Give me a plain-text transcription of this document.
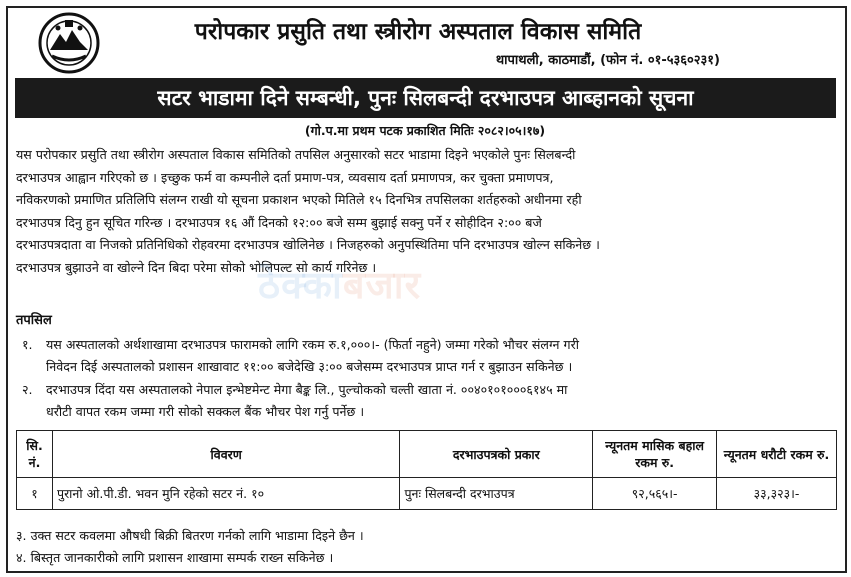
परोपकार प्रसुति तथा स्त्रीरोग अस्पताल विकास समिति
थापाथली, काठमाडौं, (फोन नं. ०१-५३६०२३१)
सटर भाडामा दिने सम्बन्धी, पुनः सिलबन्दी दरभाउपत्र आब्हानको सूचना
(गो.प.मा प्रथम पटक प्रकाशित मितिः २०८२।०५।१७)
यस परोपकार प्रसुति तथा स्त्रीरोग अस्पताल विकास समितिको तपसिल अनुसारको सटर भाडामा दिइने भएकोले पुनः सिलबन्दी
दरभाउपत्र आह्वान गरिएको छ । इच्छुक फर्म वा कम्पनीले दर्ता प्रमाण-पत्र, व्यवसाय दर्ता प्रमाणपत्र, कर चुक्ता प्रमाणपत्र,
नविकरणको प्रमाणित प्रतिलिपि संलग्न राखी यो सूचना प्रकाशन भएको मितिले १५ दिनभित्र तपसिलका शर्तहरुको अधीनमा रही
दरभाउपत्र दिनु हुन सूचित गरिन्छ । दरभाउपत्र १६ औं दिनको १२:०० बजे सम्म बुझाई सक्नु पर्ने र सोहीदिन २:०० बजे
दरभाउपत्रदाता वा निजको प्रतिनिधिको रोहवरमा दरभाउपत्र खोलिनेछ । निजहरुको अनुपस्थितिमा पनि दरभाउपत्र खोल्न सकिनेछ ।
दरभाउपत्र बुझाउने वा खोल्ने दिन बिदा परेमा सोको भोलिपल्ट सो कार्य गरिनेछ ।
ठेक्काबजार
तपसिल
१. यस अस्पतालको अर्थशाखामा दरभाउपत्र फारामको लागि रकम रु.१,०००।- (फिर्ता नहुने) जम्मा गरेको भौचर संलग्न गरी
निवेदन दिई अस्पतालको प्रशासन शाखावाट ११:०० बजेदेखि ३:०० बजेसम्म दरभाउपत्र प्राप्त गर्न र बुझाउन सकिनेछ ।
२. दरभाउपत्र दिंदा यस अस्पतालको नेपाल इन्भेष्टमेन्ट मेगा बैङ्क लि., पुल्चोकको चल्ती खाता नं. ००४०१०१०००६१४५ मा
धरौटी वापत रकम जम्मा गरी सोको सक्कल बैंक भौचर पेश गर्नु पर्नेछ ।
सि. नं.	विवरण	दरभाउपत्रको प्रकार	न्यूनतम मासिक बहाल रकम रु.	न्यूनतम धरौटी रकम रु.
१	पुरानो ओ.पी.डी. भवन मुनि रहेको सटर नं. १०	पुनः सिलबन्दी दरभाउपत्र	९२,५६५।-	३३,३२३।-
३. उक्त सटर कवलमा औषधी बिक्री बितरण गर्नको लागि भाडामा दिइने छैन ।
४. बिस्तृत जानकारीको लागि प्रशासन शाखामा सम्पर्क राख्न सकिनेछ ।
